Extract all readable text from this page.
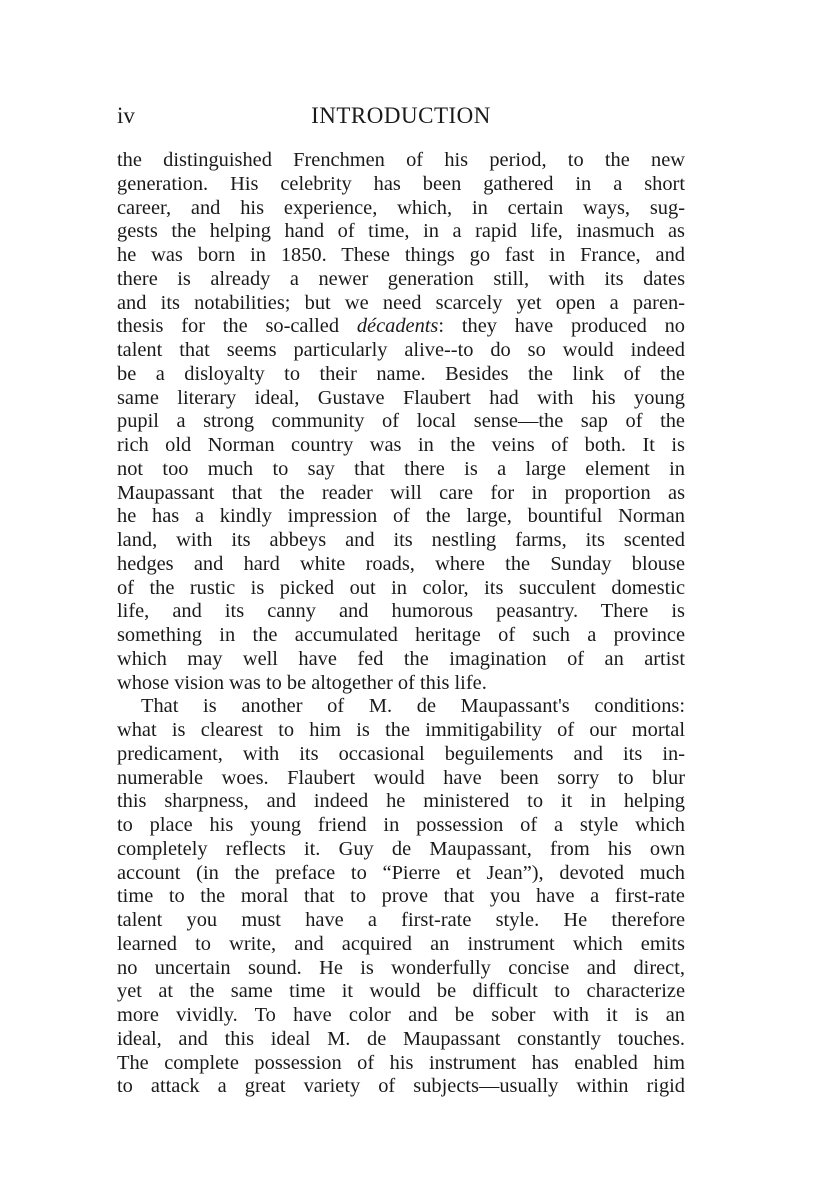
iv	INTRODUCTION
the distinguished Frenchmen of his period, to the new
generation. His celebrity has been gathered in a short
career, and his experience, which, in certain ways, sug-
gests the helping hand of time, in a rapid life, inasmuch as
he was born in 1850. These things go fast in France, and
there is already a newer generation still, with its dates
and its notabilities; but we need scarcely yet open a paren-
thesis for the so-called décadents: they have produced no
talent that seems particularly alive--to do so would indeed
be a disloyalty to their name. Besides the link of the
same literary ideal, Gustave Flaubert had with his young
pupil a strong community of local sense—the sap of the
rich old Norman country was in the veins of both. It is
not too much to say that there is a large element in
Maupassant that the reader will care for in proportion as
he has a kindly impression of the large, bountiful Norman
land, with its abbeys and its nestling farms, its scented
hedges and hard white roads, where the Sunday blouse
of the rustic is picked out in color, its succulent domestic
life, and its canny and humorous peasantry. There is
something in the accumulated heritage of such a province
which may well have fed the imagination of an artist
whose vision was to be altogether of this life.
That is another of M. de Maupassant's conditions:
what is clearest to him is the immitigability of our mortal
predicament, with its occasional beguilements and its in-
numerable woes. Flaubert would have been sorry to blur
this sharpness, and indeed he ministered to it in helping
to place his young friend in possession of a style which
completely reflects it. Guy de Maupassant, from his own
account (in the preface to “Pierre et Jean”), devoted much
time to the moral that to prove that you have a first-rate
talent you must have a first-rate style. He therefore
learned to write, and acquired an instrument which emits
no uncertain sound. He is wonderfully concise and direct,
yet at the same time it would be difficult to characterize
more vividly. To have color and be sober with it is an
ideal, and this ideal M. de Maupassant constantly touches.
The complete possession of his instrument has enabled him
to attack a great variety of subjects—usually within rigid
